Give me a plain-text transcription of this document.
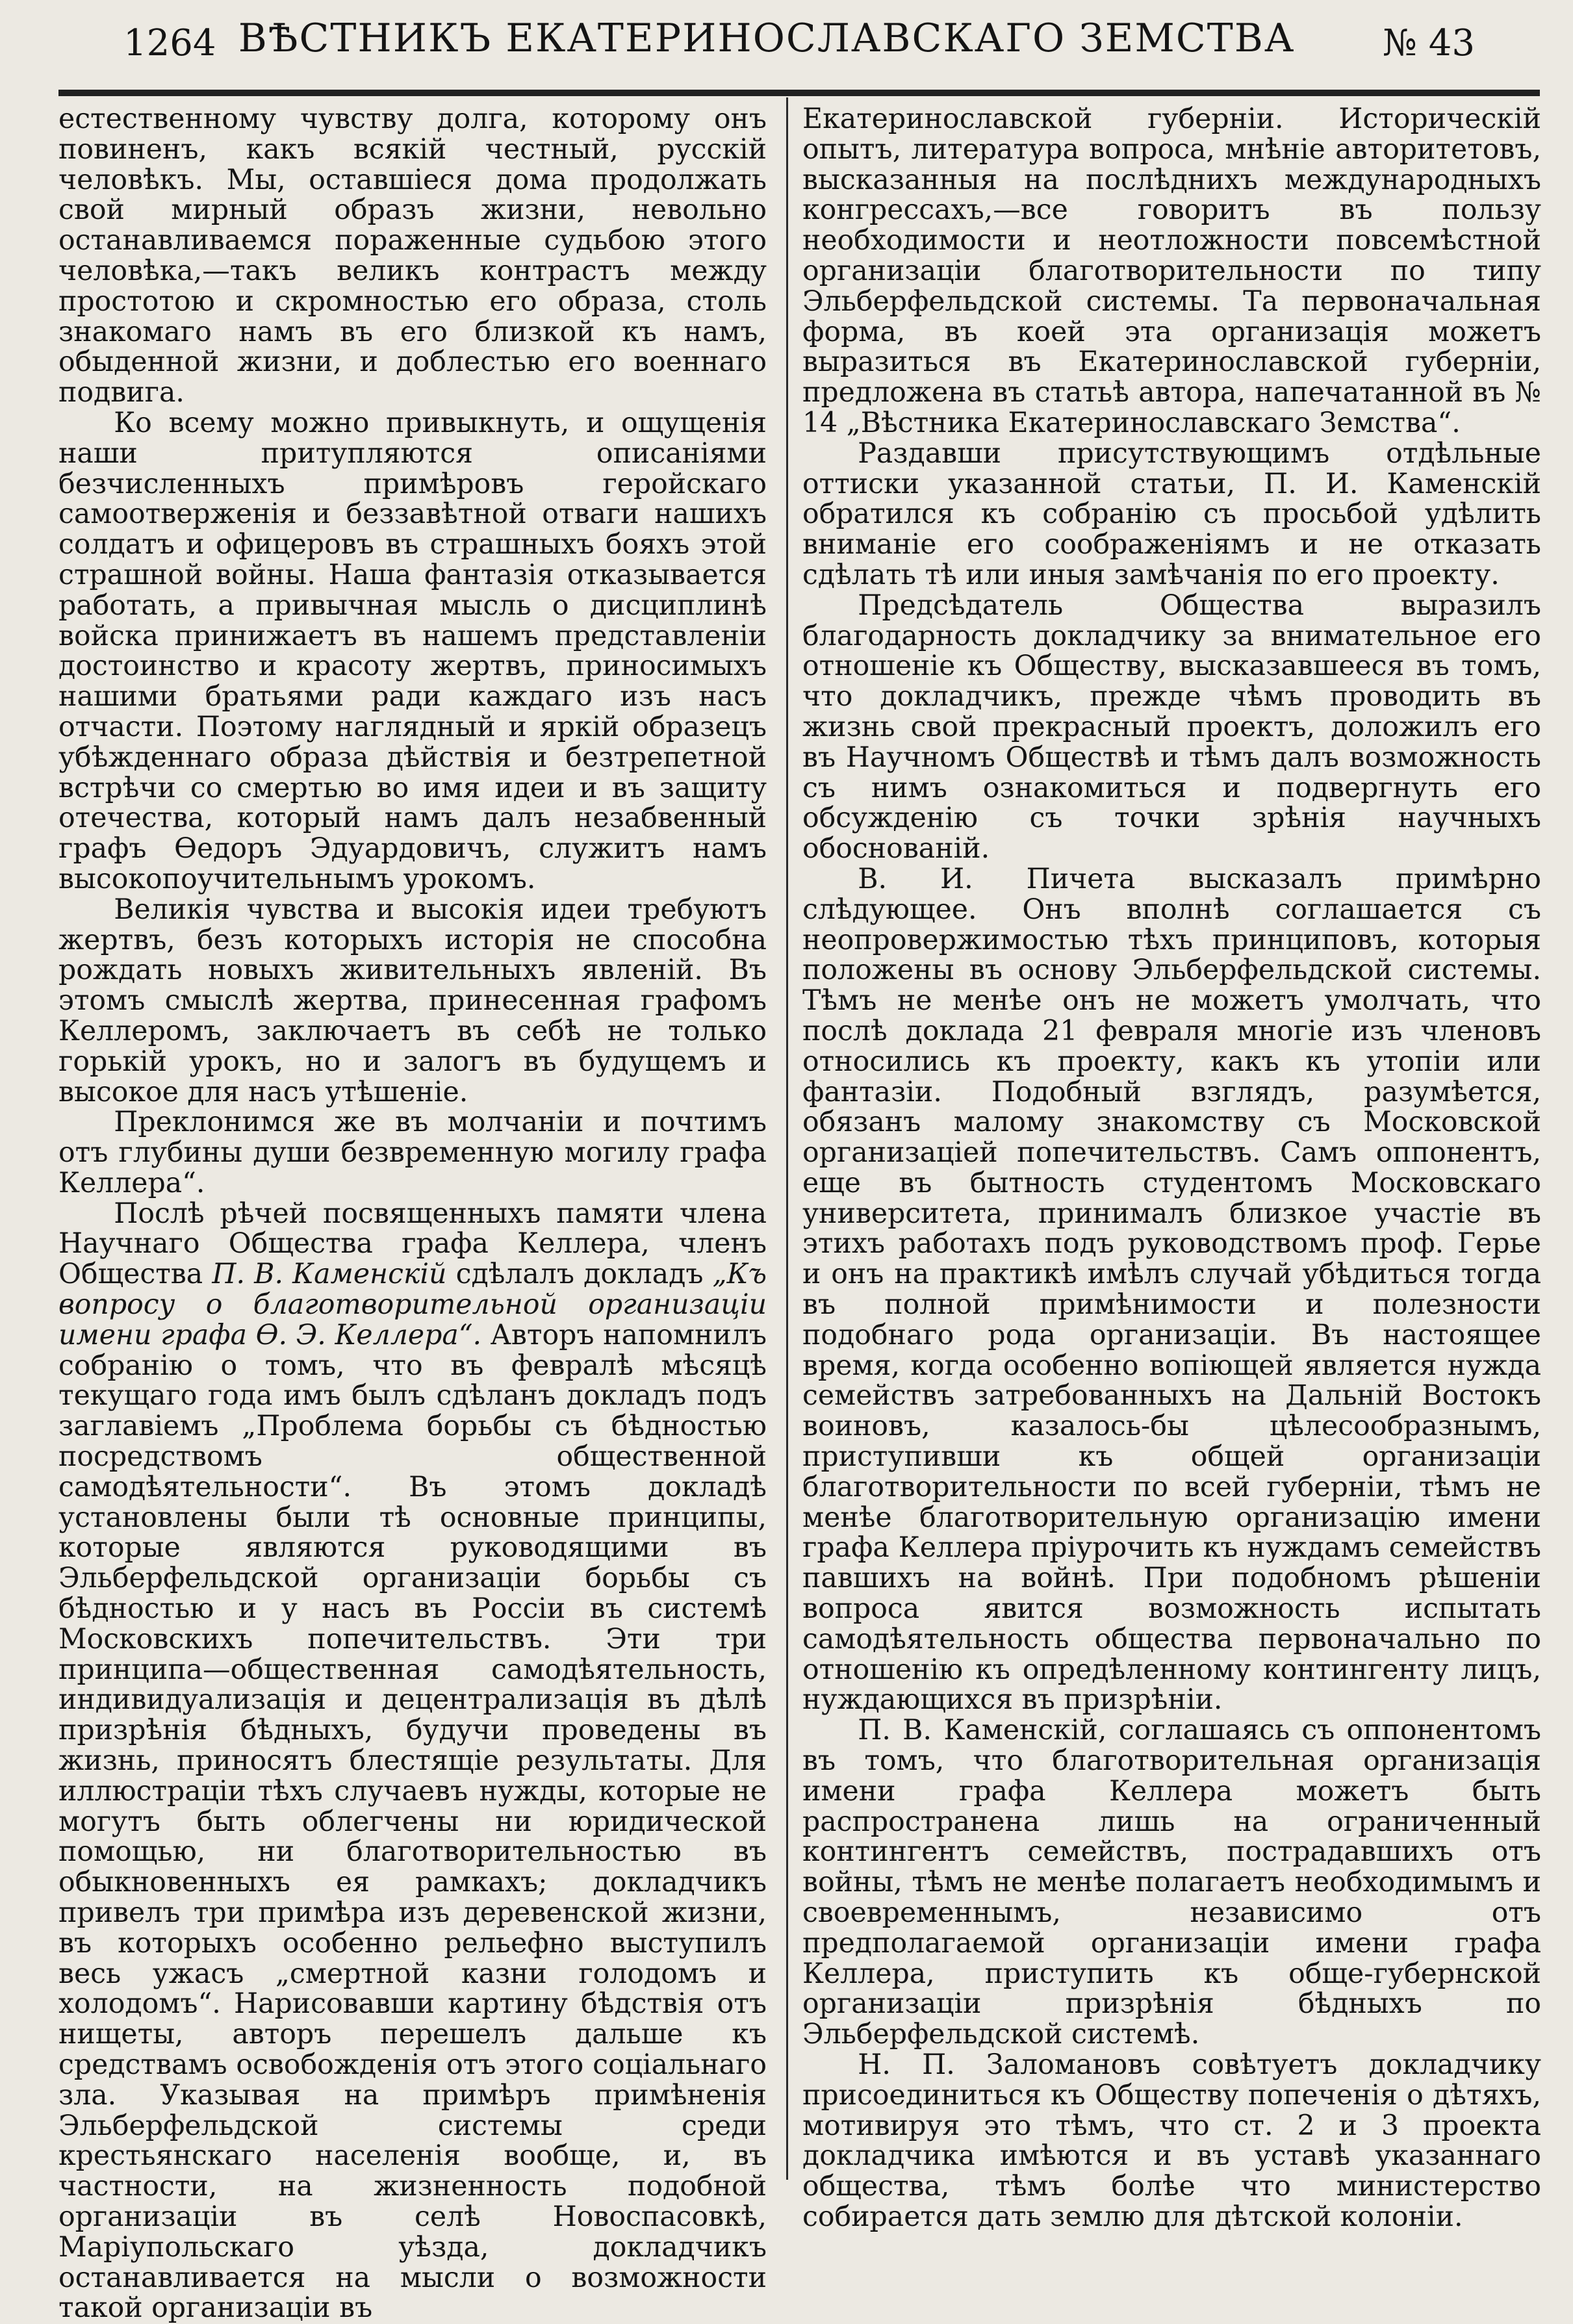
1264 ВѢСТНИКЪ ЕКАТЕРИНОСЛАВСКАГО ЗЕМСТВА	№ 43

естественному чувству долга, которому онъ повиненъ, какъ всякій честный, русскій человѣкъ. Мы, оставшіеся дома продолжать свой мирный образъ жизни, невольно останавливаемся пораженные судьбою этого человѣка,—такъ великъ контрастъ между простотою и скромностью его образа, столь знакомаго намъ въ его близкой къ намъ, обыденной жизни, и доблестью его военнаго подвига.

Ко всему можно привыкнуть, и ощущенія наши притупляются описаніями безчисленныхъ примѣровъ геройскаго самоотверженія и беззавѣтной отваги нашихъ солдатъ и офицеровъ въ страшныхъ бояхъ этой страшной войны. Наша фантазія отказывается работать, а привычная мысль о дисциплинѣ войска принижаетъ въ нашемъ представленіи достоинство и красоту жертвъ, приносимыхъ нашими братьями ради каждаго изъ насъ отчасти. Поэтому наглядный и яркій образецъ убѣжденнаго образа дѣйствія и безтрепетной встрѣчи со смертью во имя идеи и въ защиту отечества, который намъ далъ незабвенный графъ Ѳедоръ Эдуардовичъ, служитъ намъ высокопоучительнымъ урокомъ.

Великія чувства и высокія идеи требуютъ жертвъ, безъ которыхъ исторія не способна рождать новыхъ живительныхъ явленій. Въ этомъ смыслѣ жертва, принесенная графомъ Келлеромъ, заключаетъ въ себѣ не только горькій урокъ, но и залогъ въ будущемъ и высокое для насъ утѣшеніе.

Преклонимся же въ молчаніи и почтимъ отъ глубины души безвременную могилу графа Келлера“.

Послѣ рѣчей посвященныхъ памяти члена Научнаго Общества графа Келлера, членъ Общества П. В. Каменскій сдѣлалъ докладъ „Къ вопросу о благотворительной организаціи имени графа Ѳ. Э. Келлера“. Авторъ напомнилъ собранію о томъ, что въ февралѣ мѣсяцѣ текущаго года имъ былъ сдѣланъ докладъ подъ заглавіемъ „Проблема борьбы съ бѣдностью посредствомъ общественной самодѣятельности“. Въ этомъ докладѣ установлены были тѣ основные принципы, которые являются руководящими въ Эльберфельдской организаціи борьбы съ бѣдностью и у насъ въ Россіи въ системѣ Московскихъ попечительствъ. Эти три принципа—общественная самодѣятельность, индивидуализація и децентрализація въ дѣлѣ призрѣнія бѣдныхъ, будучи проведены въ жизнь, приносятъ блестящіе результаты. Для иллюстраціи тѣхъ случаевъ нужды, которые не могутъ быть облегчены ни юридической помощью, ни благотворительностью въ обыкновенныхъ ея рамкахъ; докладчикъ привелъ три примѣра изъ деревенской жизни, въ которыхъ особенно рельефно выступилъ весь ужасъ „смертной казни голодомъ и холодомъ“. Нарисовавши картину бѣдствія отъ нищеты, авторъ перешелъ дальше къ средствамъ освобожденія отъ этого соціальнаго зла. Указывая на примѣръ примѣненія Эльберфельдской системы среди крестьянскаго населенія вообще, и, въ частности, на жизненность подобной организаціи въ селѣ Новоспасовкѣ, Маріупольскаго уѣзда, докладчикъ останавливается на мысли о возможности такой организаціи въ

Екатеринославской губерніи. Историческій опытъ, литература вопроса, мнѣніе авторитетовъ, высказанныя на послѣднихъ международныхъ конгрессахъ,—все говоритъ въ пользу необходимости и неотложности повсемѣстной организаціи благотворительности по типу Эльберфельдской системы. Та первоначальная форма, въ коей эта организація можетъ выразиться въ Екатеринославской губерніи, предложена въ статьѣ автора, напечатанной въ № 14 „Вѣстника Екатеринославскаго Земства“.

Раздавши присутствующимъ отдѣльные оттиски указанной статьи, П. И. Каменскій обратился къ собранію съ просьбой удѣлить вниманіе его соображеніямъ и не отказать сдѣлать тѣ или иныя замѣчанія по его проекту.

Предсѣдатель Общества выразилъ благодарность докладчику за внимательное его отношеніе къ Обществу, высказавшееся въ томъ, что докладчикъ, прежде чѣмъ проводить въ жизнь свой прекрасный проектъ, доложилъ его въ Научномъ Обществѣ и тѣмъ далъ возможность съ нимъ ознакомиться и подвергнуть его обсужденію съ точки зрѣнія научныхъ обоснованій.

В. И. Пичета высказалъ примѣрно слѣдующее. Онъ вполнѣ соглашается съ неопровержимостью тѣхъ принциповъ, которыя положены въ основу Эльберфельдской системы. Тѣмъ не менѣе онъ не можетъ умолчать, что послѣ доклада 21 февраля многіе изъ членовъ относились къ проекту, какъ къ утопіи или фантазіи. Подобный взглядъ, разумѣется, обязанъ малому знакомству съ Московской организаціей попечительствъ. Самъ оппонентъ, еще въ бытность студентомъ Московскаго университета, принималъ близкое участіе въ этихъ работахъ подъ руководствомъ проф. Герье и онъ на практикѣ имѣлъ случай убѣдиться тогда въ полной примѣнимости и полезности подобнаго рода организаціи. Въ настоящее время, когда особенно вопіющей является нужда семействъ затребованныхъ на Дальній Востокъ воиновъ, казалось-бы цѣлесообразнымъ, приступивши къ общей организаціи благотворительности по всей губерніи, тѣмъ не менѣе благотворительную организацію имени графа Келлера пріурочить къ нуждамъ семействъ павшихъ на войнѣ. При подобномъ рѣшеніи вопроса явится возможность испытать самодѣятельность общества первоначально по отношенію къ опредѣленному контингенту лицъ, нуждающихся въ призрѣніи.

П. В. Каменскій, соглашаясь съ оппонентомъ въ томъ, что благотворительная организація имени графа Келлера можетъ быть распространена лишь на ограниченный контингентъ семействъ, пострадавшихъ отъ войны, тѣмъ не менѣе полагаетъ необходимымъ и своевременнымъ, независимо отъ предполагаемой организаціи имени графа Келлера, приступить къ обще-губернской организаціи призрѣнія бѣдныхъ по Эльберфельдской системѣ.

Н. П. Заломановъ совѣтуетъ докладчику присоединиться къ Обществу попеченія о дѣтяхъ, мотивируя это тѣмъ, что ст. 2 и 3 проекта докладчика имѣются и въ уставѣ указаннаго общества, тѣмъ болѣе что министерство собирается дать землю для дѣтской колоніи.
